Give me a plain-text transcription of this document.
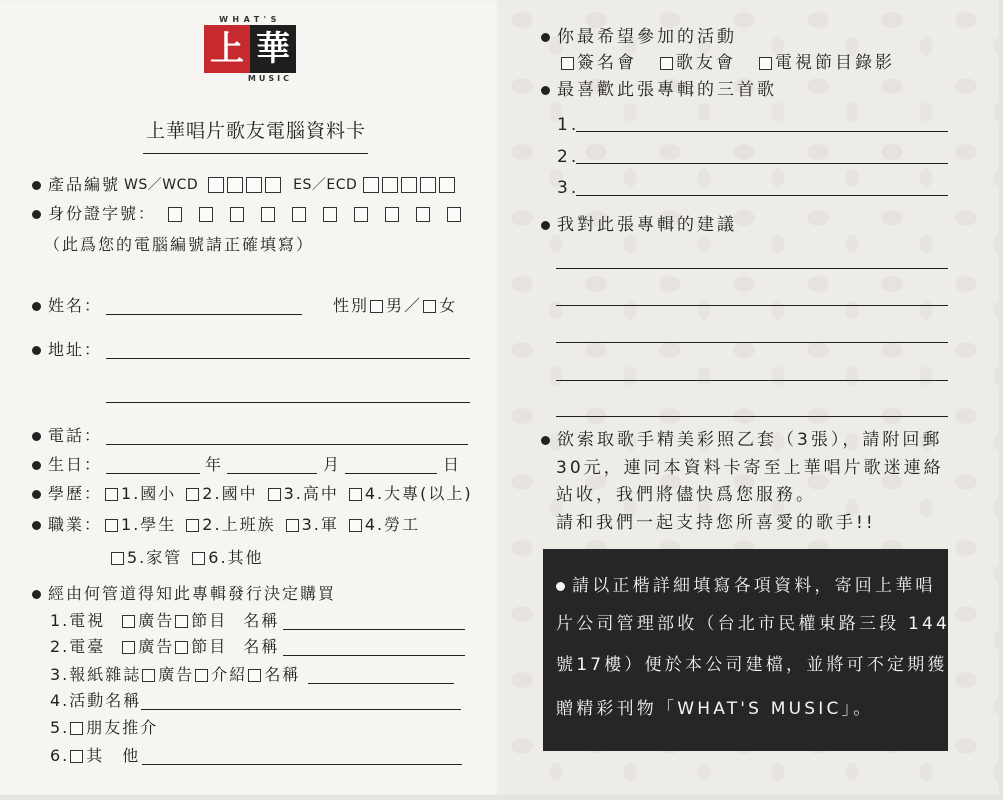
WHAT'S
上 華
MUSIC
上華唱片歌友電腦資料卡
產品編號 WS／WCD	ES／ECD
身份證字號：
（此爲您的電腦編號請正確填寫）
姓名：	性別 男 ／ 女
地址：
電話：
生日：	年	月	日
學歷： 1.國小 2.國中 3.高中 4.大專(以上)
職業： 1.學生 2.上班族 3.軍 4.勞工
5.家管 6.其他
經由何管道得知此專輯發行決定購買
1.電視 廣告 節目 名稱
2.電臺 廣告 節目 名稱
3.報紙雜誌 廣告 介紹 名稱
4.活動名稱
5. 朋友推介
6. 其　他
你最希望參加的活動
簽名會 歌友會 電視節目錄影
最喜歡此張專輯的三首歌
1.
2.
3.
我對此張專輯的建議
欲索取歌手精美彩照乙套（3張），請附回郵
30元，連同本資料卡寄至上華唱片歌迷連絡
站收，我們將儘快爲您服務。
請和我們一起支持您所喜愛的歌手!!
請以正楷詳細填寫各項資料，寄回上華唱
片公司管理部收（台北市民權東路三段 144
號17樓）便於本公司建檔，並將可不定期獲
贈精彩刊物「WHAT'S MUSIC」。
